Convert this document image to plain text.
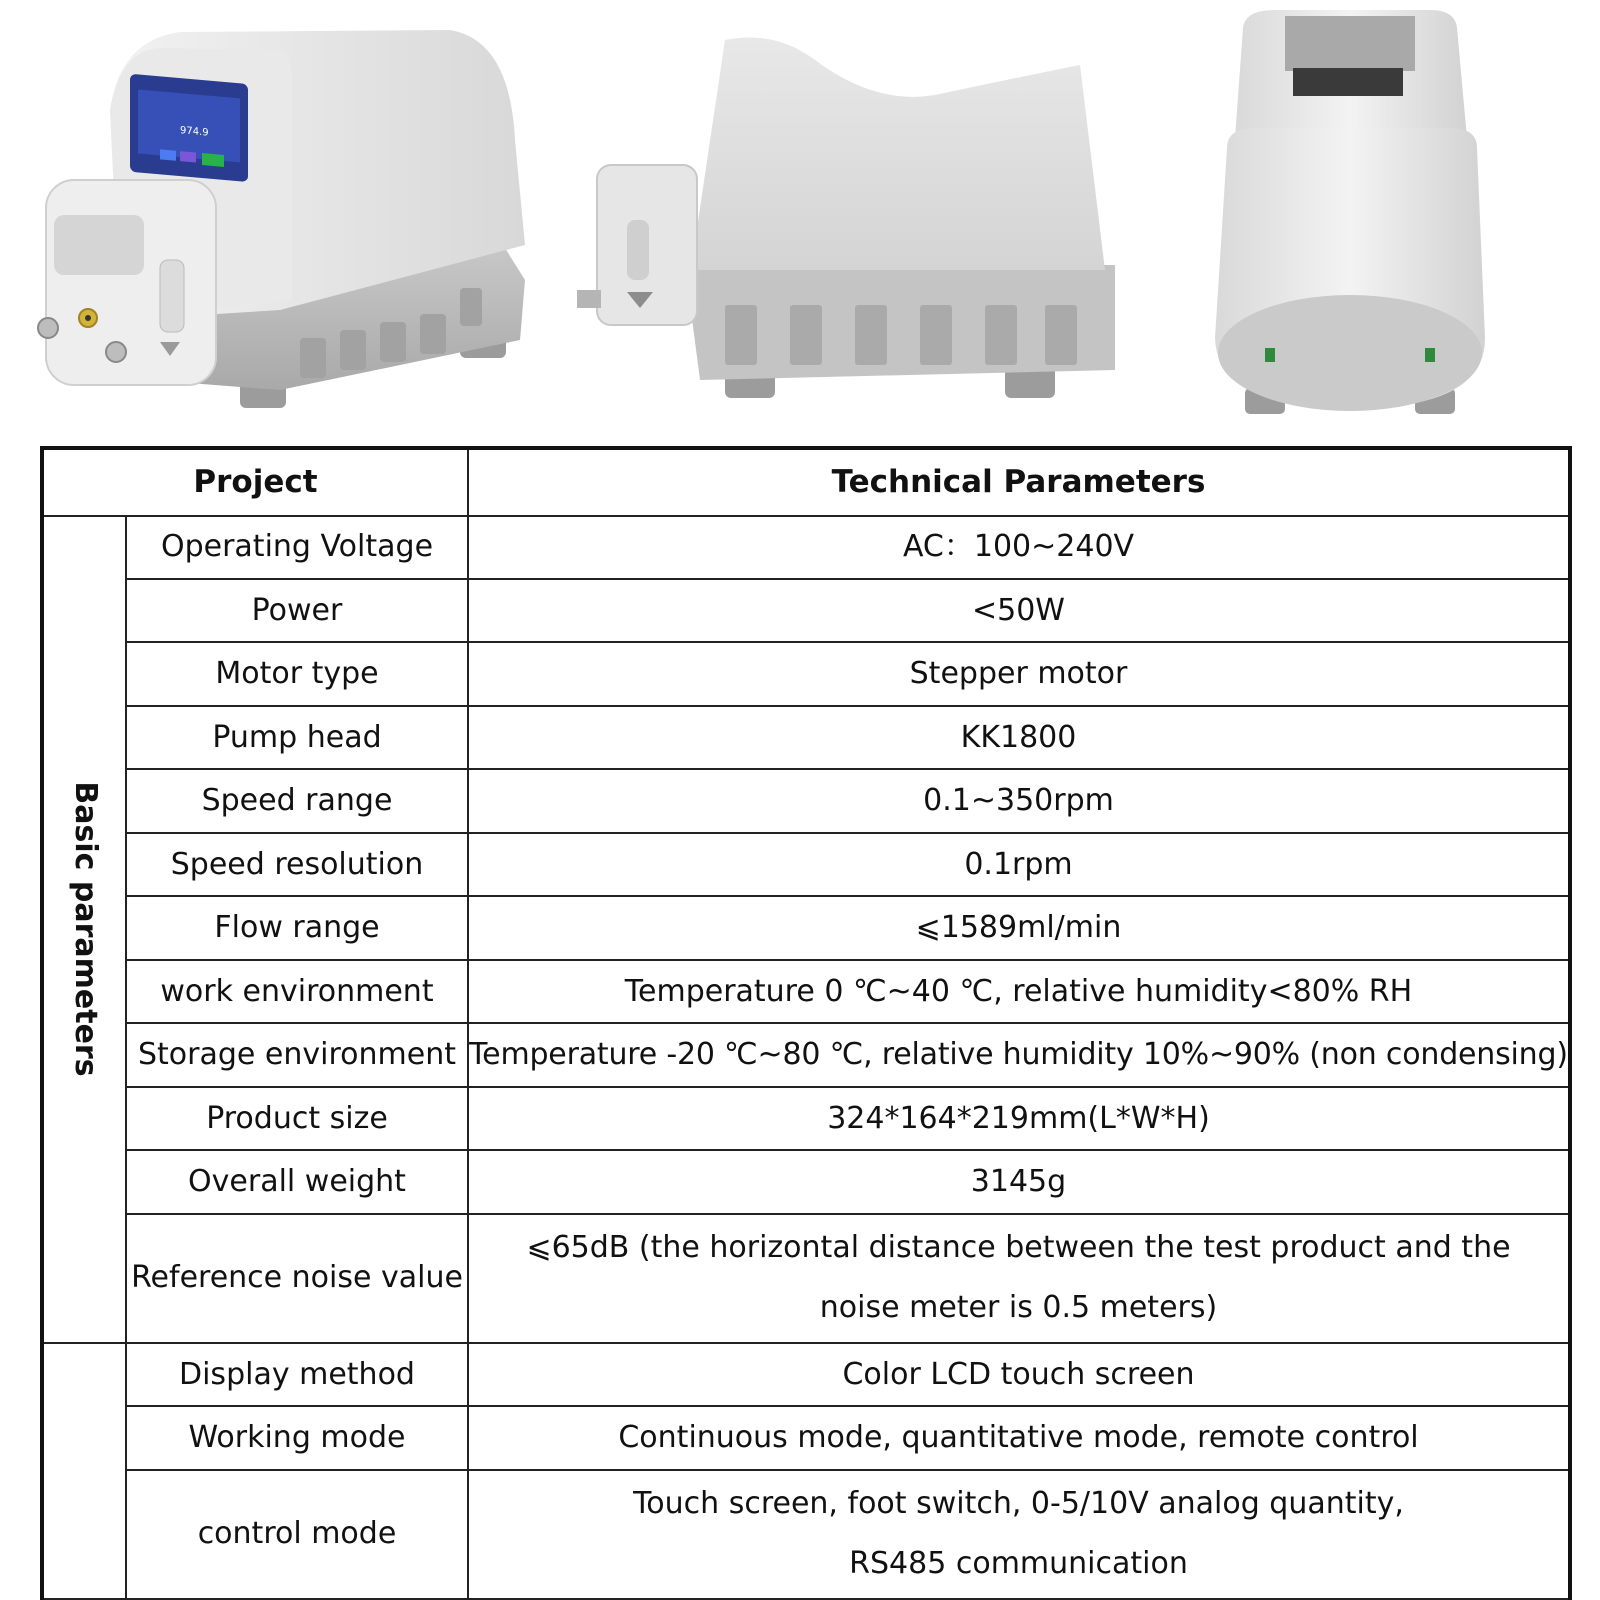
974.9
Project		Technical Parameters

Basic parameters	Operating Voltage	AC：100~240V
	Power	<50W
	Motor type	Stepper motor
	Pump head	KK1800
	Speed range	0.1~350rpm
	Speed resolution	0.1rpm
	Flow range	⩽1589ml/min
	work environment	Temperature 0 ℃~40 ℃, relative humidity<80% RH
	Storage environment	Temperature -20 ℃~80 ℃, relative humidity 10%~90% (non condensing)
	Product size	324*164*219mm(L*W*H)
	Overall weight	3145g
	Reference noise value	⩽65dB (the horizontal distance between the test product and the noise meter is 0.5 meters)
	Display method	Color LCD touch screen
	Working mode	Continuous mode, quantitative mode, remote control
	control mode	Touch screen, foot switch, 0-5/10V analog quantity, RS485 communication
